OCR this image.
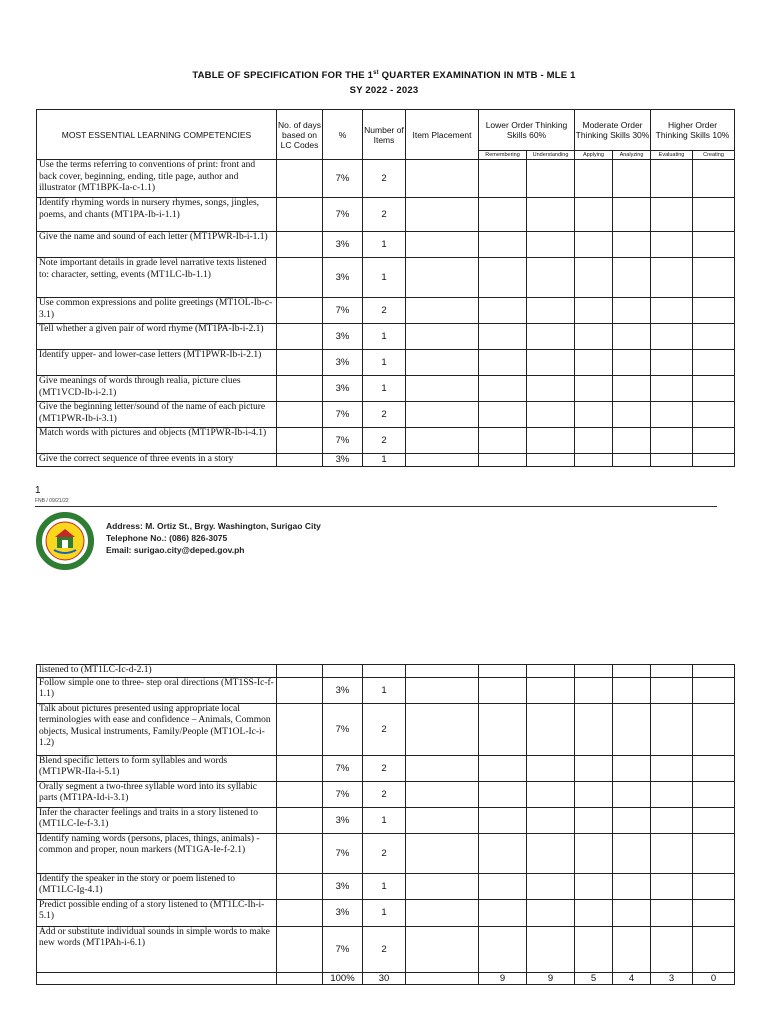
TABLE OF SPECIFICATION FOR THE 1st QUARTER EXAMINATION IN MTB - MLE 1
SY 2022 - 2023
MOST ESSENTIAL LEARNING COMPETENCIES	No. of days based on LC Codes	%	Number of Items	Item Placement	Lower Order Thinking Skills 60%		Moderate Order Thinking Skills 30%		Higher Order Thinking Skills 10%	
					Remembering	Understanding	Applying	Analyzing	Evaluating	Creating
Use the terms referring to conventions of print: front and back cover, beginning, ending, title page, author and illustrator (MT1BPK-Ia-c-1.1)		7%	2							
Identify rhyming words in nursery rhymes, songs, jingles, poems, and chants (MT1PA-Ib-i-1.1)		7%	2							
Give the name and sound of each letter (MT1PWR-Ib-i-1.1)		3%	1							
Note important details in grade level narrative texts listened to: character, setting, events (MT1LC-Ib-1.1)		3%	1							
Use common expressions and polite greetings (MT1OL-Ib-c-3.1)		7%	2							
Tell whether a given pair of word rhyme (MT1PA-Ib-i-2.1)		3%	1							
Identify upper- and lower-case letters (MT1PWR-Ib-i-2.1)		3%	1							
Give meanings of words through realia, picture clues (MT1VCD-Ib-i-2.1)		3%	1							
Give the beginning letter/sound of the name of each picture (MT1PWR-Ib-i-3.1)		7%	2							
Match words with pictures and objects (MT1PWR-Ib-i-4.1)		7%	2							
Give the correct sequence of three events in a story		3%	1							
1
FNB / 09/21/22
Address: M. Ortiz St., Brgy. Washington, Surigao City
Telephone No.: (086) 826-3075
Email: surigao.city@deped.gov.ph
listened to (MT1LC-Ic-d-2.1)										
Follow simple one to three- step oral directions (MT1SS-Ic-f-1.1)		3%	1							
Talk about pictures presented using appropriate local terminologies with ease and confidence – Animals, Common objects, Musical instruments, Family/People (MT1OL-Ic-i-1.2)		7%	2							
Blend specific letters to form syllables and words (MT1PWR-IIa-i-5.1)		7%	2							
Orally segment a two-three syllable word into its syllabic parts (MT1PA-Id-i-3.1)		7%	2							
Infer the character feelings and traits in a story listened to (MT1LC-Ie-f-3.1)		3%	1							
Identify naming words (persons, places, things, animals) - common and proper, noun markers (MT1GA-Ie-f-2.1)		7%	2							
Identify the speaker in the story or poem listened to (MT1LC-Ig-4.1)		3%	1							
Predict possible ending of a story listened to (MT1LC-Ih-i-5.1)		3%	1							
Add or substitute individual sounds in simple words to make new words (MT1PAh-i-6.1)		7%	2							
		100%	30		9	9	5	4	3	0
